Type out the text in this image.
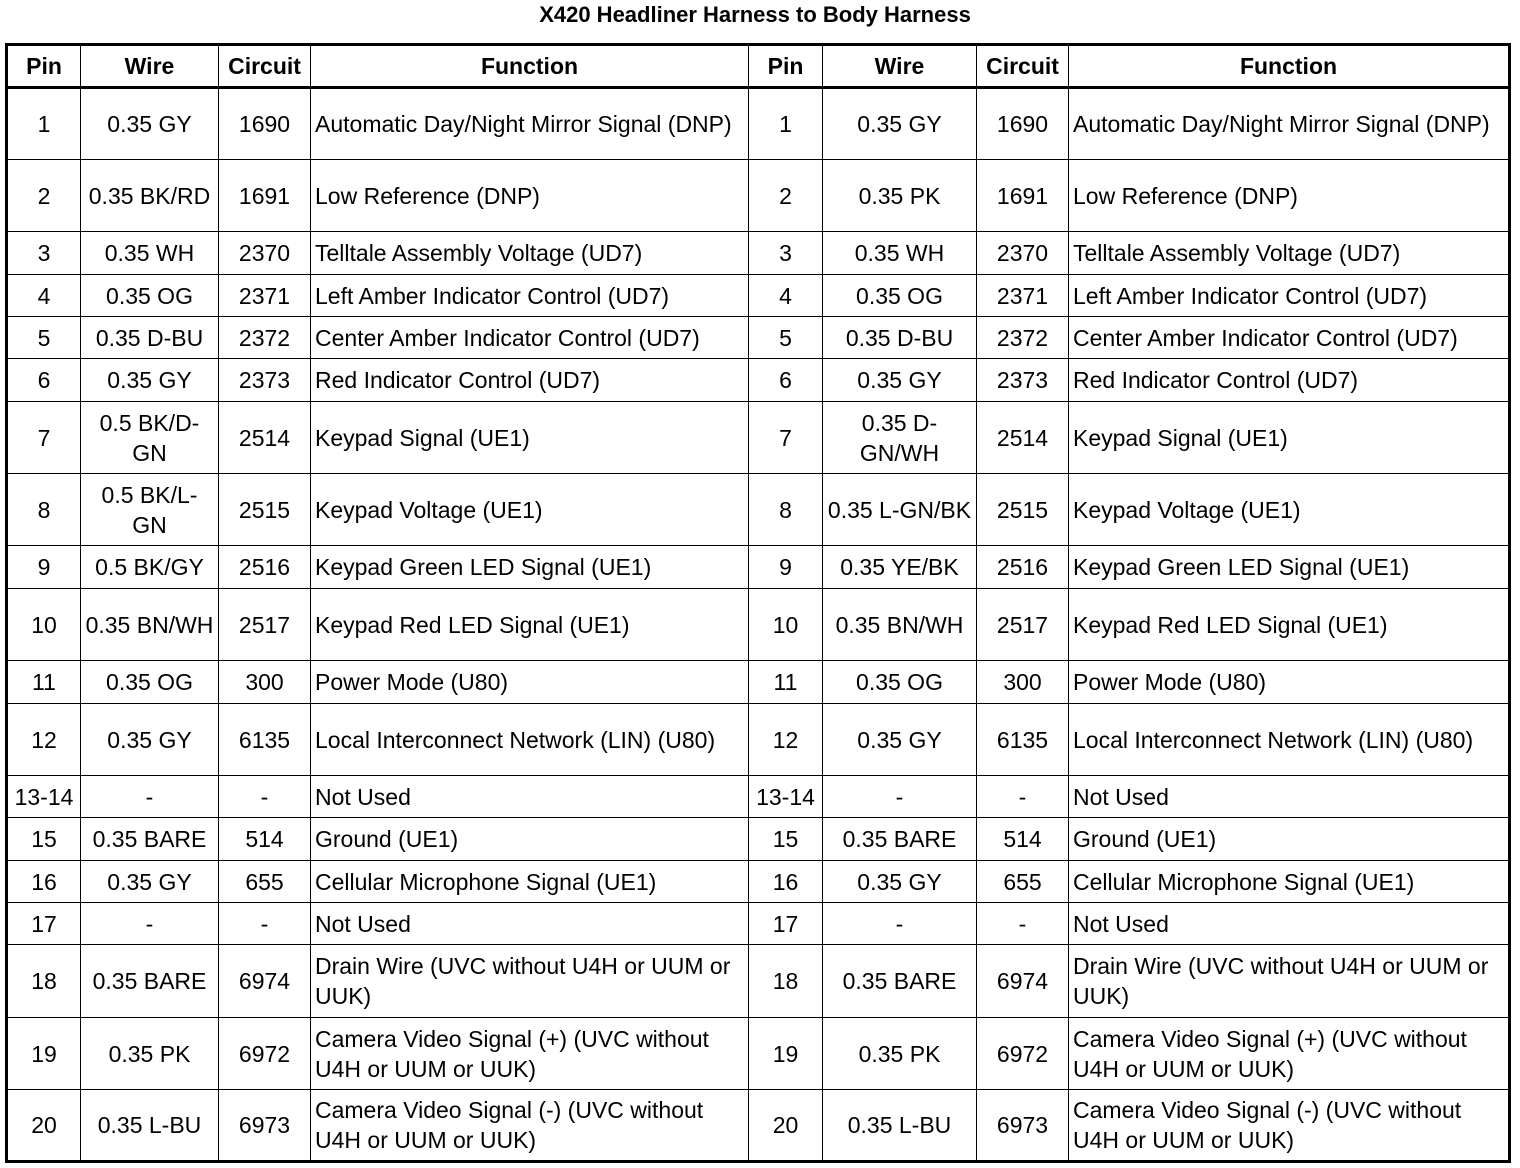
X420 Headliner Harness to Body Harness
Pin	Wire	Circuit	Function	Pin	Wire	Circuit	Function
1	0.35 GY	1690	Automatic Day/Night Mirror Signal (DNP)	1	0.35 GY	1690	Automatic Day/Night Mirror Signal (DNP)
2	0.35 BK/RD	1691	Low Reference (DNP)	2	0.35 PK	1691	Low Reference (DNP)
3	0.35 WH	2370	Telltale Assembly Voltage (UD7)	3	0.35 WH	2370	Telltale Assembly Voltage (UD7)
4	0.35 OG	2371	Left Amber Indicator Control (UD7)	4	0.35 OG	2371	Left Amber Indicator Control (UD7)
5	0.35 D-BU	2372	Center Amber Indicator Control (UD7)	5	0.35 D-BU	2372	Center Amber Indicator Control (UD7)
6	0.35 GY	2373	Red Indicator Control (UD7)	6	0.35 GY	2373	Red Indicator Control (UD7)
7	0.5 BK/D-GN	2514	Keypad Signal (UE1)	7	0.35 D-GN/WH	2514	Keypad Signal (UE1)
8	0.5 BK/L-GN	2515	Keypad Voltage (UE1)	8	0.35 L-GN/BK	2515	Keypad Voltage (UE1)
9	0.5 BK/GY	2516	Keypad Green LED Signal (UE1)	9	0.35 YE/BK	2516	Keypad Green LED Signal (UE1)
10	0.35 BN/WH	2517	Keypad Red LED Signal (UE1)	10	0.35 BN/WH	2517	Keypad Red LED Signal (UE1)
11	0.35 OG	300	Power Mode (U80)	11	0.35 OG	300	Power Mode (U80)
12	0.35 GY	6135	Local Interconnect Network (LIN) (U80)	12	0.35 GY	6135	Local Interconnect Network (LIN) (U80)
13-14	-	-	Not Used	13-14	-	-	Not Used
15	0.35 BARE	514	Ground (UE1)	15	0.35 BARE	514	Ground (UE1)
16	0.35 GY	655	Cellular Microphone Signal (UE1)	16	0.35 GY	655	Cellular Microphone Signal (UE1)
17	-	-	Not Used	17	-	-	Not Used
18	0.35 BARE	6974	Drain Wire (UVC without U4H or UUM or UUK)	18	0.35 BARE	6974	Drain Wire (UVC without U4H or UUM or UUK)
19	0.35 PK	6972	Camera Video Signal (+) (UVC without U4H or UUM or UUK)	19	0.35 PK	6972	Camera Video Signal (+) (UVC without U4H or UUM or UUK)
20	0.35 L-BU	6973	Camera Video Signal (-) (UVC without U4H or UUM or UUK)	20	0.35 L-BU	6973	Camera Video Signal (-) (UVC without U4H or UUM or UUK)
